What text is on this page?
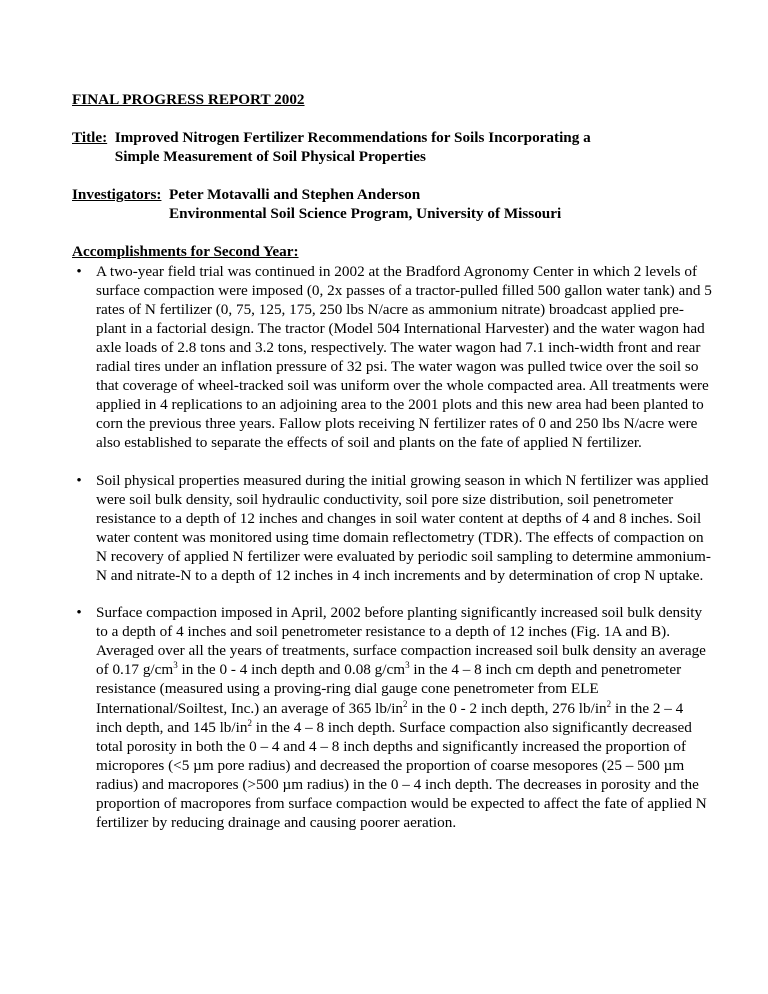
FINAL PROGRESS REPORT 2002
Title:
Improved Nitrogen Fertilizer Recommendations for Soils Incorporating a
Simple Measurement of Soil Physical Properties
Investigators:
Peter Motavalli and Stephen Anderson
Environmental Soil Science Program, University of Missouri
Accomplishments for Second Year:
• A two-year field trial was continued in 2002 at the Bradford Agronomy Center in which 2 levels of surface compaction were imposed (0, 2x passes of a tractor-pulled filled 500 gallon water tank) and 5 rates of N fertilizer (0, 75, 125, 175, 250 lbs N/acre as ammonium nitrate) broadcast applied pre-plant in a factorial design. The tractor (Model 504 International Harvester) and the water wagon had axle loads of 2.8 tons and 3.2 tons, respectively. The water wagon had 7.1 inch-width front and rear radial tires under an inflation pressure of 32 psi. The water wagon was pulled twice over the soil so that coverage of wheel-tracked soil was uniform over the whole compacted area. All treatments were applied in 4 replications to an adjoining area to the 2001 plots and this new area had been planted to corn the previous three years. Fallow plots receiving N fertilizer rates of 0 and 250 lbs N/acre were also established to separate the effects of soil and plants on the fate of applied N fertilizer.
• Soil physical properties measured during the initial growing season in which N fertilizer was applied were soil bulk density, soil hydraulic conductivity, soil pore size distribution, soil penetrometer resistance to a depth of 12 inches and changes in soil water content at depths of 4 and 8 inches. Soil water content was monitored using time domain reflectometry (TDR). The effects of compaction on N recovery of applied N fertilizer were evaluated by periodic soil sampling to determine ammonium-N and nitrate-N to a depth of 12 inches in 4 inch increments and by determination of crop N uptake.
• Surface compaction imposed in April, 2002 before planting significantly increased soil bulk density to a depth of 4 inches and soil penetrometer resistance to a depth of 12 inches (Fig. 1A and B). Averaged over all the years of treatments, surface compaction increased soil bulk density an average of 0.17 $g/cm^3$ in the 0 - 4 inch depth and 0.08 $g/cm^3$ in the 4 – 8 inch cm depth and penetrometer resistance (measured using a proving-ring dial gauge cone penetrometer from ELE International/Soiltest, Inc.) an average of 365 $lb/in^2$ in the 0 - 2 inch depth, 276 $lb/in^2$ in the 2 – 4 inch depth, and 145 $lb/in^2$ in the 4 – 8 inch depth. Surface compaction also significantly decreased total porosity in both the 0 – 4 and 4 – 8 inch depths and significantly increased the proportion of micropores (<5 µm pore radius) and decreased the proportion of coarse mesopores (25 – 500 µm radius) and macropores (>500 µm radius) in the 0 – 4 inch depth. The decreases in porosity and the proportion of macropores from surface compaction would be expected to affect the fate of applied N fertilizer by reducing drainage and causing poorer aeration.
